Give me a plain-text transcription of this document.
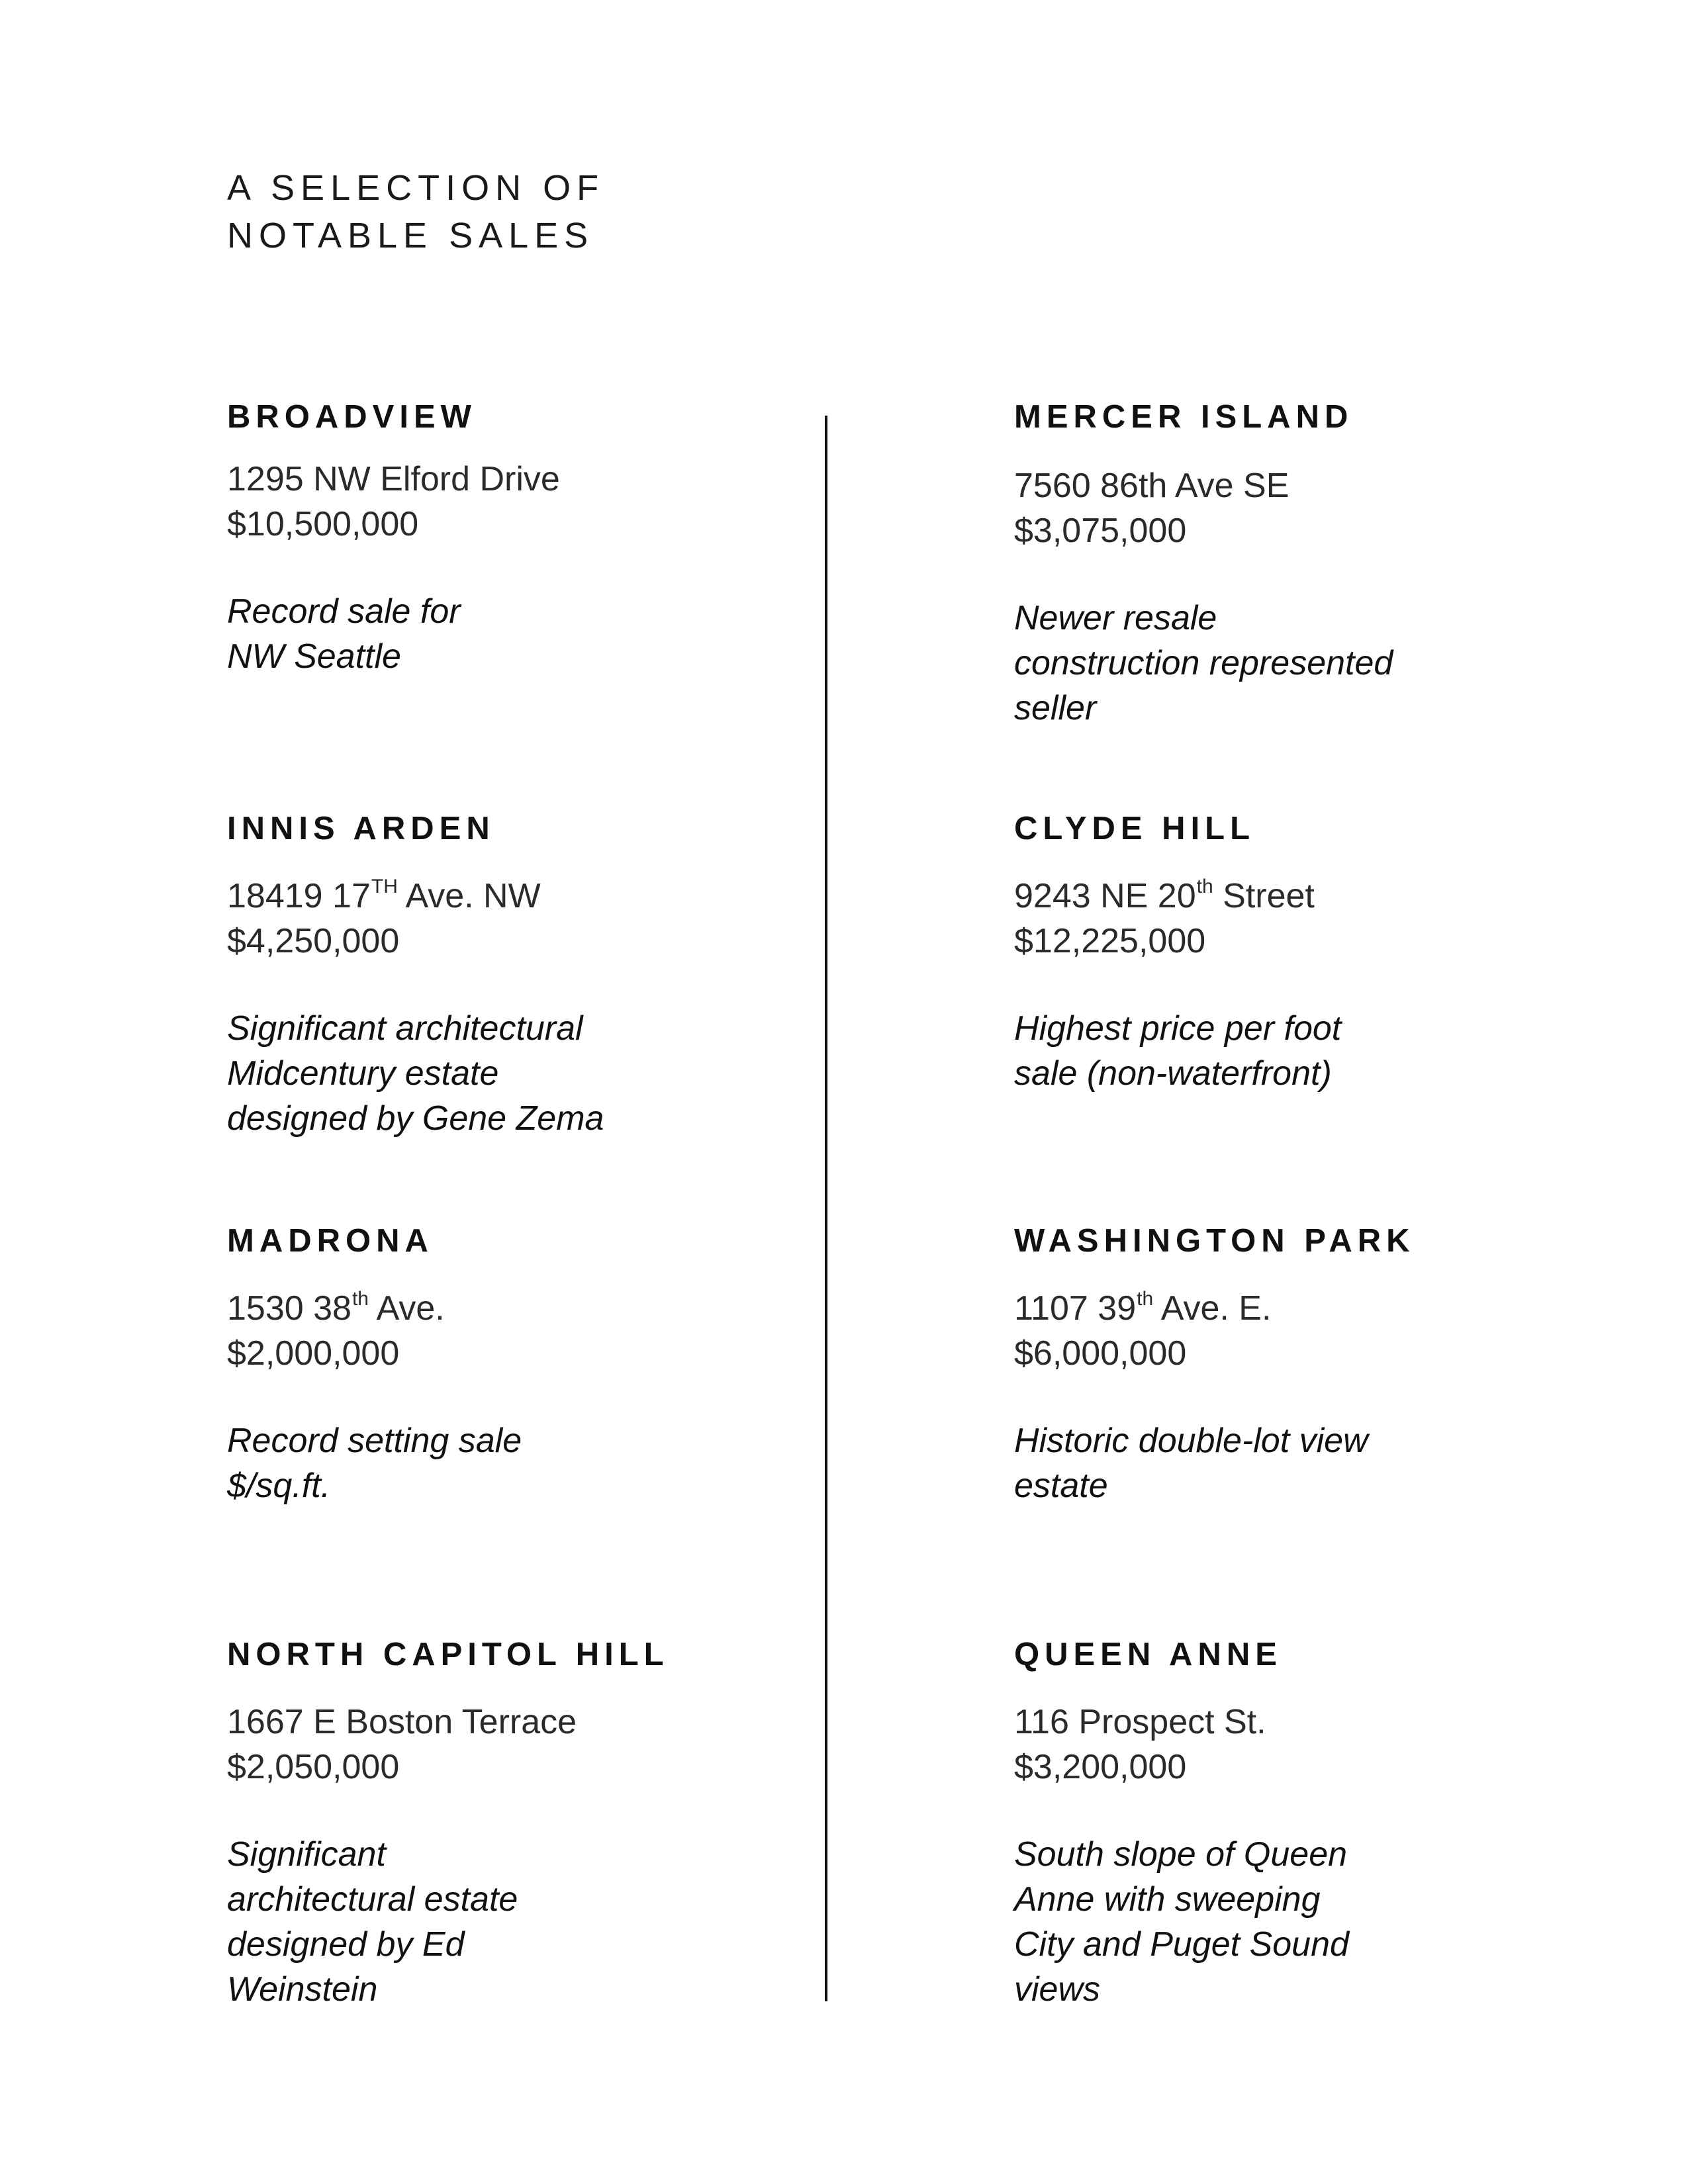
A SELECTION OF
NOTABLE SALES
BROADVIEW
1295 NW Elford Drive
$10,500,000
Record sale for
NW Seattle
MERCER ISLAND
7560 86th Ave SE
$3,075,000
Newer resale
construction represented
seller
INNIS ARDEN
18419 17TH Ave. NW
$4,250,000
Significant architectural
Midcentury estate
designed by Gene Zema
CLYDE HILL
9243 NE 20th Street
$12,225,000
Highest price per foot
sale (non-waterfront)
MADRONA
1530 38th Ave.
$2,000,000
Record setting sale
$/sq.ft.
WASHINGTON PARK
1107 39th Ave. E.
$6,000,000
Historic double-lot view
estate
NORTH CAPITOL HILL
1667 E Boston Terrace
$2,050,000
Significant
architectural estate
designed by Ed
Weinstein
QUEEN ANNE
116 Prospect St.
$3,200,000
South slope of Queen
Anne with sweeping
City and Puget Sound
views
